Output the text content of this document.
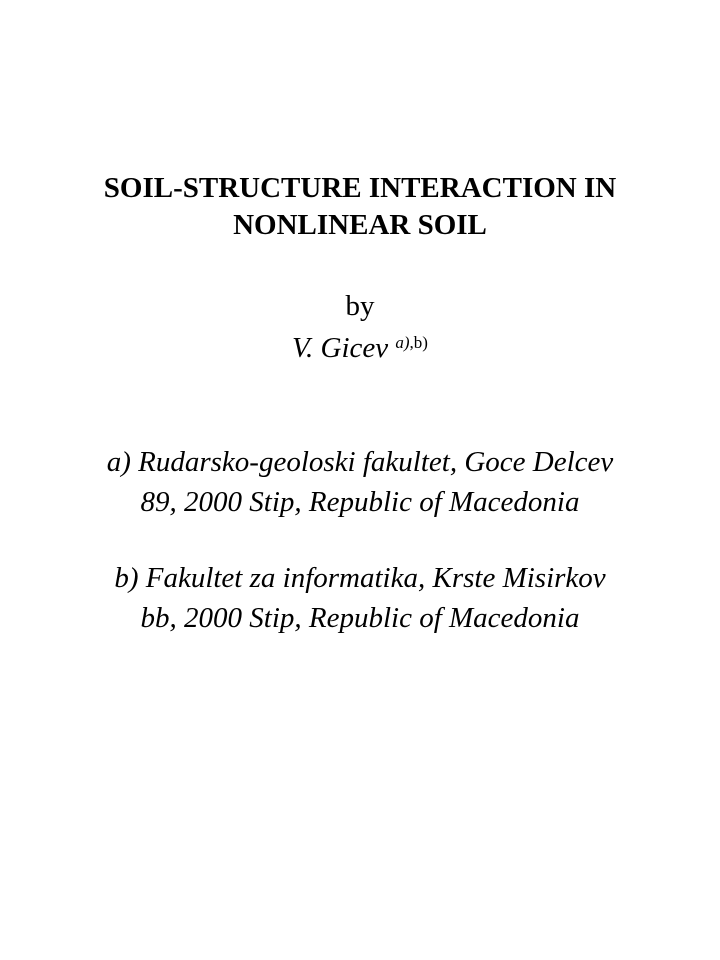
SOIL-STRUCTURE INTERACTION IN
NONLINEAR SOIL
by
V. Gicev $^{a),b)}$
a) Rudarsko-geoloski fakultet, Goce Delcev
89, 2000 Stip, Republic of Macedonia
b) Fakultet za informatika, Krste Misirkov
bb, 2000 Stip, Republic of Macedonia
